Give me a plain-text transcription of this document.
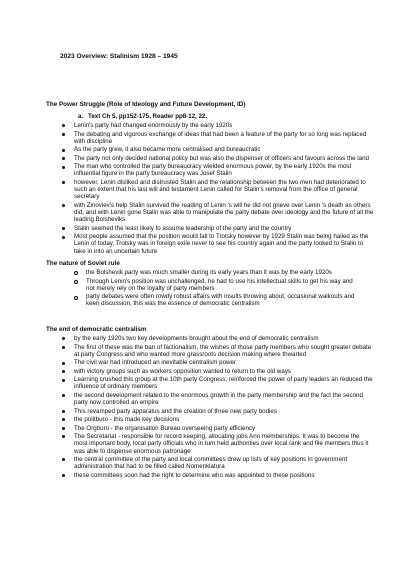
2023 Overview: Stalinism 1928 – 1945
The Power Struggle (Role of Ideology and Future Development, ID)
a. Text Ch 5, pp152-175, Reader pp8-12, 22.
Lenin's party had changed enormously by the early 1920s
The debating and vigorous exchange of ideas that had been a feature of the party for so long was replaced with discipline
As the party grew, it also became more centralised and bureaucratic
The party not only decided national policy but was also the dispenser of officers and favours across the land
The man who controlled the party bureaucracy wielded enormous power, by the early 1920s the most influential figure in the party bureaucracy was Josef Stalin
however, Lenin disliked and distrusted Stalin and the relationship between the two men had deteriorated to such an extent that his last will and testament Lenin called for Stalin's removal from the office of general secretary
with Zinoviev's help Stalin survived the reading of Lenin 's will he did not grieve over Lenin 's death as others did, and with Lenin gone Stalin was able to manipulate the party debate over ideology and the future of all the leading Bolsheviks
Stalin seemed the least likely to assume leadership of the party and the country
Most people assumed that the position would fall to Trotsky however by 1929 Stalin was being hailed as the Lenin of today, Trotsky was in foreign exile never to see his country again and the party looked to Stalin to take in into an uncertain future
The nature of Soviet rule
the Bolshevik party was much smaller during its early years than it was by the early 1920s
Through Lenin's position was unchallenged, he had to use his intellectual skills to get his way and not merely rely on the loyalty of party members
party debates were often rowdy robust affairs with insults throwing about, occasional walkouts and keen discussion, this was the essence of democratic centralism
The end of democratic centralism
by the early 1920s two key developments brought about the end of democratic centralism
The first of these was the ban of factionalism, the wishes of those party members who sought greater debate at party Congress and who wanted more grassroots decision making where thwarted
The civil war had introduced an inevitable centralism power
with victory groups such as workers opposition wanted to return to the old ways
Learning crushed this group at the 10th party Congress, reinforced the power of party leaders an reduced the influence of ordinary members
the second development related to the enormous growth in the party membership and the fact the second party now controlled an empire
This revamped party apparatus and the creation of three new party bodies
the politburo - this made key decisions
The Orgburo - the organisation Bureau overseeing party efficiency
The Secretariat - responsible for record keeping, allocating jobs Ann memberships. It was to become the most important body, local party officials who in turn held authorities over local rank and file members thus it was able to dispense enormous patronage
the central committee of the party and local committees drew up lists of key positions in government administration that had to be filled called Nomenklatura
these committees soon had the right to determine who was appointed to these positions
